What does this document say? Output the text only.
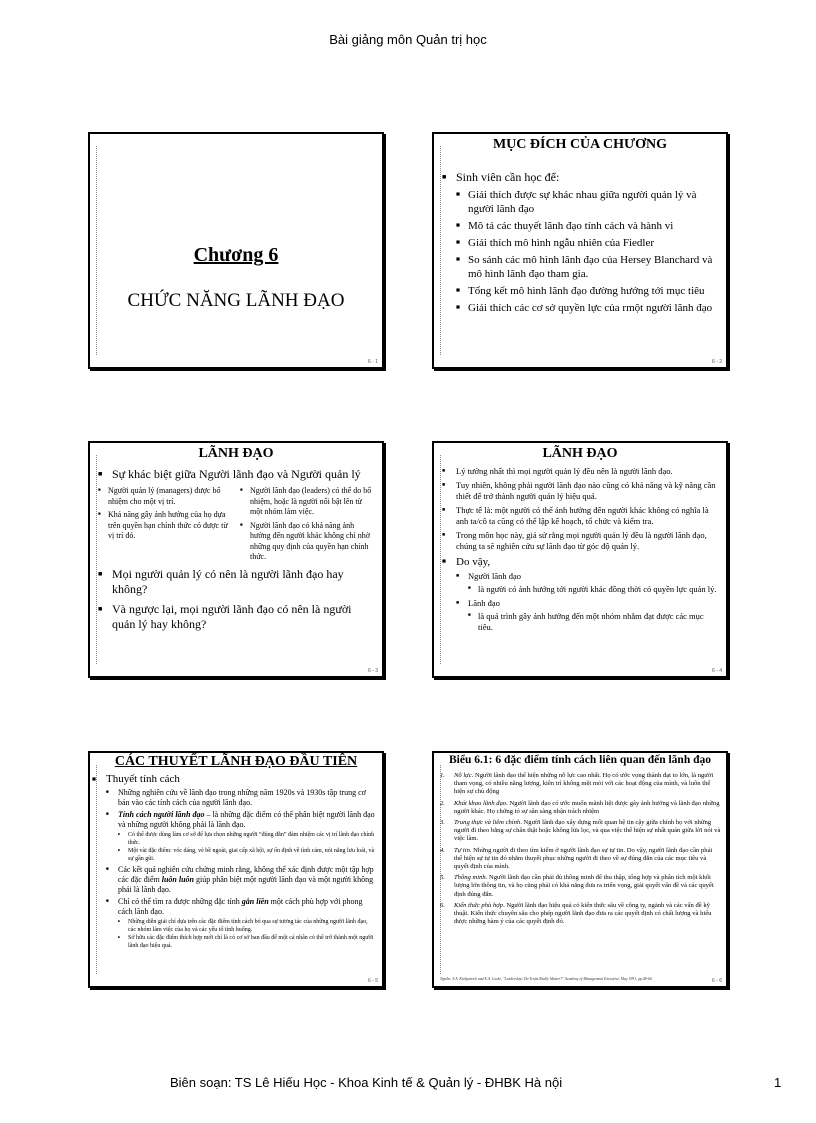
Bài giảng môn Quản trị học
Chương 6
CHỨC NĂNG LÃNH ĐẠO
6 - 1

MỤC ĐÍCH CỦA CHƯƠNG

■ Sinh viên cần học để:
■ Giải thích được sự khác nhau giữa người quản lý và người lãnh đạo
■ Mô tả các thuyết lãnh đạo tính cách và hành vi
■ Giải thích mô hình ngẫu nhiên của Fiedler
■ So sánh các mô hình lãnh đạo của Hersey Blanchard và mô hình lãnh đạo tham gia.
■ Tổng kết mô hình lãnh đạo đường hướng tới mục tiêu
■ Giải thích các cơ sở quyền lực của rmột người lãnh đạo
6 - 2

LÃNH ĐẠO

■ Sự khác biệt giữa Người lãnh đạo và Người quản lý
■ Người quản lý (managers) được bổ nhiệm cho một vị trí.
■ Khả năng gây ảnh hưởng của họ dựa trên quyền hạn chính thức có được từ vị trí đó.
■ Người lãnh đạo (leaders) có thể do bổ nhiệm, hoặc là người nổi bật lên từ một nhóm làm việc.
■ Người lãnh đạo có khả năng ảnh hưởng đến người khác không chỉ nhờ những quy định của quyền hạn chính thức.
■ Mọi người quản lý có nên là người lãnh đạo hay không?
■ Và ngược lại, mọi người lãnh đạo có nên là người quản lý hay không?
6 - 3

LÃNH ĐẠO

■ Lý tưởng nhất thì mọi người quản lý đều nên là người lãnh đạo.
■ Tuy nhiên, không phải người lãnh đạo nào cũng có khả năng và kỹ năng cần thiết để trở thành người quản lý hiệu quả.
■ Thực tế là: một người có thể ảnh hưởng đến người khác không có nghĩa là anh ta/cô ta cũng có thể lập kế hoạch, tổ chức và kiểm tra.
■ Trong môn học này, giả sử rằng mọi người quản lý đều là người lãnh đạo, chúng ta sẽ nghiên cứu sự lãnh đạo từ góc độ quản lý.
■ Do vậy,
■ Người lãnh đạo
■ là người có ảnh hưởng tới người khác đồng thời có quyền lực quản lý.
■ Lãnh đạo
■ là quá trình gây ảnh hưởng đến một nhóm nhằm đạt được các mục tiêu.
6 - 4

CÁC THUYẾT LÃNH ĐẠO ĐẦU TIÊN

■ Thuyết tính cách
■ Những nghiên cứu về lãnh đạo trong những năm 1920s và 1930s tập trung cơ bản vào các tính cách của người lãnh đạo.
■ Tính cách người lãnh đạo – là những đặc điểm có thể phân biệt người lãnh đạo và những người không phải là lãnh đạo.
■ Có thể được dùng làm cơ sở để lựa chọn những người “đúng đắn” đảm nhiệm các vị trí lãnh đạo chính thức.
■ Một vài đặc điểm: vóc dáng, vẻ bề ngoài, giai cấp xã hội, sự ổn định về tình cảm, nói năng lưu loát, và sự gần gũi.
■ Các kết quả nghiên cứu chứng minh rằng, không thể xác định được một tập hợp các đặc điểm luôn luôn giúp phân biệt một người lãnh đạo và một người không phải là lãnh đạo.
■ Chỉ có thể tìm ra được những đặc tính gắn liền một cách phù hợp với phong cách lãnh đạo.
■ Những diễn giải chỉ dựa trên các đặc điểm tính cách bỏ qua sự tương tác của những người lãnh đạo, các nhóm làm việc của họ và các yếu tố tình huống.
■ Sở hữu các đặc điểm thích hợp mới chỉ là có cơ sở ban đầu để một cá nhân có thể trở thành một người lãnh đạo hiệu quả.
6 - 5

Biểu 6.1: 6 đặc điểm tính cách liên quan đến lãnh đạo

1. Nỗ lực. Người lãnh đạo thể hiện những nỗ lực cao nhất. Họ có ước vọng thành đạt to lớn, là người tham vọng, có nhiều năng lượng, kiên trì không mệt mỏi với các hoạt động của mình, và luôn thể hiện sự chủ động
2. Khát khao lãnh đạo. Người lãnh đạo có ước muốn mãnh liệt được gây ảnh hưởng và lãnh đạo những người khác. Họ chứng tỏ sự sẵn sàng nhận trách nhiệm
3. Trung thực và liêm chính. Người lãnh đạo xây dựng mối quan hệ tin cậy giữa chính họ với những người đi theo bằng sự chân thật hoặc không lừa lọc, và qua việc thể hiện sự nhất quán giữa lời nói và việc làm.
4. Tự tin. Những người đi theo tìm kiếm ở người lãnh đạo sự tự tin. Do vậy, người lãnh đạo cần phải thể hiện sự tự tin đó nhằm thuyết phục những người đi theo về sự đúng đắn của các mục tiêu và quyết định của mình.
5. Thông minh. Người lãnh đạo cần phải đủ thông minh để thu thập, tổng hợp và phân tích một khối lượng lớn thông tin, và họ cũng phải có khả năng đưa ra triển vọng, giải quyết vấn đề và các quyết định đúng đắn.
6. Kiến thức phù hợp. Người lãnh đạo hiệu quả có kiến thức sâu về công ty, ngành và các vấn đề kỹ thuật. Kiến thức chuyên sâu cho phép người lãnh đạo đưa ra các quyết định có chất lượng và hiểu được những hàm ý của các quyết định đó.
Nguồn: S.A. Kirkpatrick and E.A. Locke, "Leadership: Do Traits Really Matter?" Academy of Management Executive, May 1991, pp.48-60.	6 - 6
Biên soạn: TS Lê Hiếu Học - Khoa Kinh tế & Quản lý - ĐHBK Hà nội	1
